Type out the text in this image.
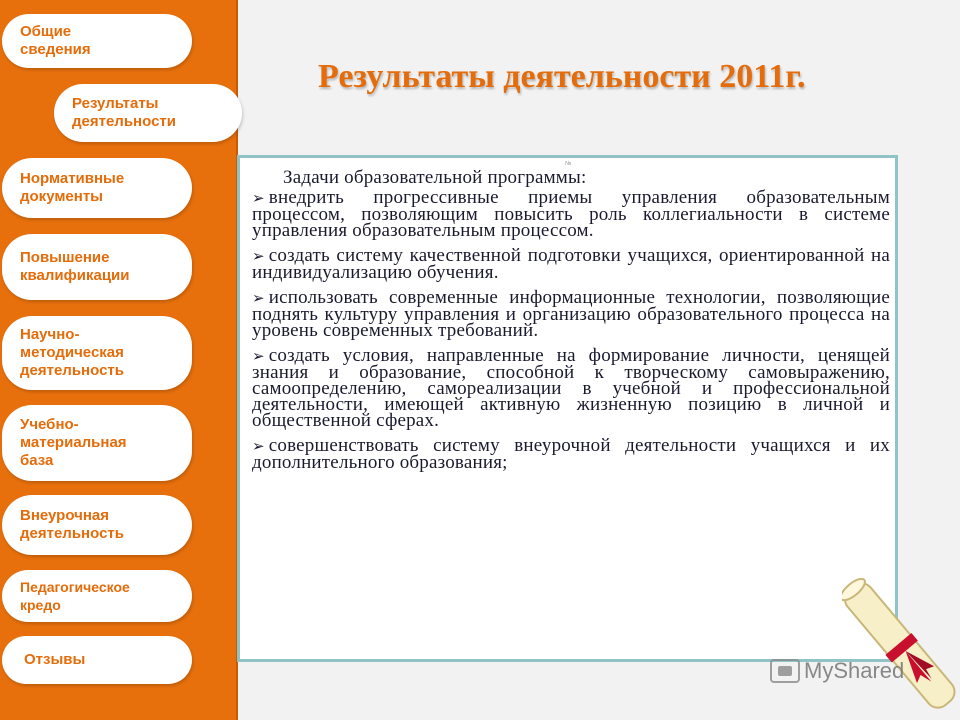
Общие
сведения
Результаты
деятельности
Нормативные
документы
Повышение
квалификации
Научно-
методическая
деятельность
Учебно-
материальная
база
Внеурочная
деятельность
Педагогическое
кредо
Отзывы
Результаты деятельности 2011г.
№

Задачи образовательной программы:

➢ внедрить прогрессивные приемы управления образовательным процессом, позволяющим повысить роль коллегиальности в системе управления образовательным процессом.

➢ создать систему качественной подготовки учащихся, ориентированной на индивидуализацию обучения.

➢ использовать современные информационные технологии, позволяющие поднять культуру управления и организацию образовательного процесса на уровень современных требований.

➢ создать условия, направленные на формирование личности, ценящей знания и образование, способной к творческому самовыражению, самоопределению, самореализации в учебной и профессиональной деятельности, имеющей активную жизненную позицию в личной и общественной сферах.

➢ совершенствовать систему внеурочной деятельности учащихся и их дополнительного образования;

MyShared
